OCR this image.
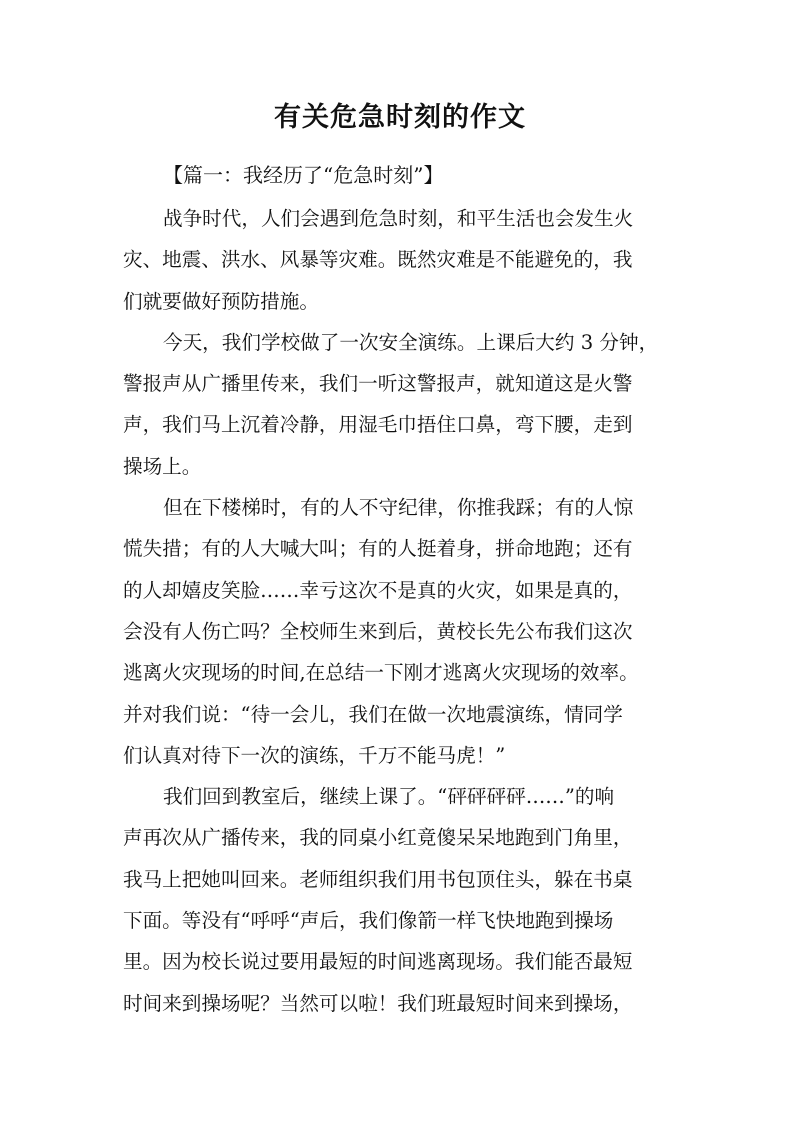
有关危急时刻的作文
【篇一：我经历了“危急时刻”】

战争时代，人们会遇到危急时刻，和平生活也会发生火
灾、地震、洪水、风暴等灾难。既然灾难是不能避免的，我
们就要做好预防措施。

今天，我们学校做了一次安全演练。上课后大约 3 分钟，
警报声从广播里传来，我们一听这警报声，就知道这是火警
声，我们马上沉着冷静，用湿毛巾捂住口鼻，弯下腰，走到
操场上。

但在下楼梯时，有的人不守纪律，你推我踩；有的人惊
慌失措；有的人大喊大叫；有的人挺着身，拼命地跑；还有
的人却嬉皮笑脸……幸亏这次不是真的火灾，如果是真的，
会没有人伤亡吗？全校师生来到后，黄校长先公布我们这次
逃离火灾现场的时间,在总结一下刚才逃离火灾现场的效率。
并对我们说：“待一会儿，我们在做一次地震演练，情同学
们认真对待下一次的演练，千万不能马虎！”

我们回到教室后，继续上课了。“砰砰砰砰……”的响
声再次从广播传来，我的同桌小红竟傻呆呆地跑到门角里，
我马上把她叫回来。老师组织我们用书包顶住头，躲在书桌
下面。等没有“呼呼“声后，我们像箭一样飞快地跑到操场
里。因为校长说过要用最短的时间逃离现场。我们能否最短
时间来到操场呢？当然可以啦！我们班最短时间来到操场，
